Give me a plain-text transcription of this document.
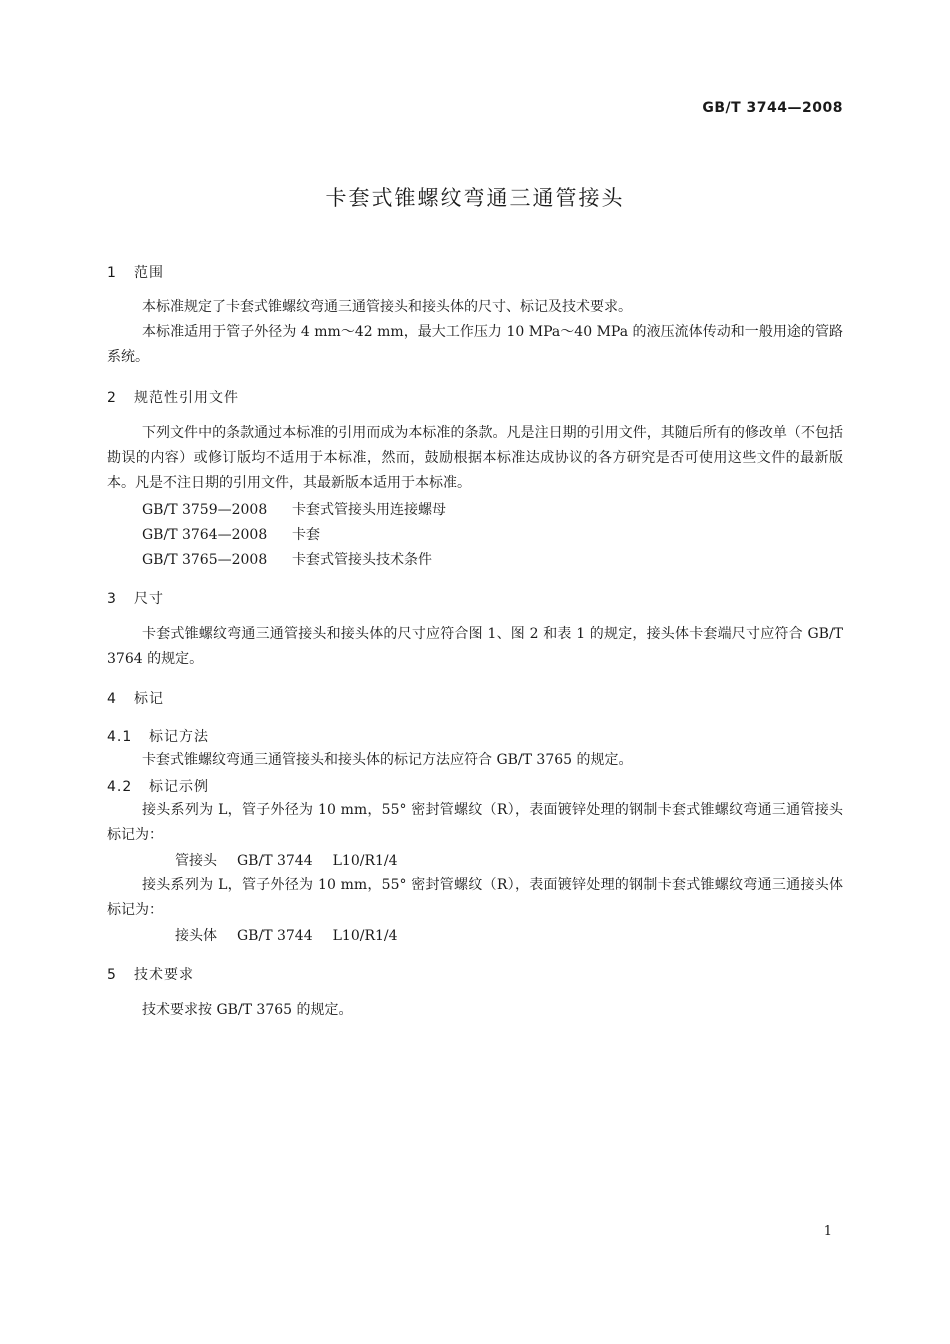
GB/T 3744—2008
卡套式锥螺纹弯通三通管接头
1 范围
本标准规定了卡套式锥螺纹弯通三通管接头和接头体的尺寸、标记及技术要求。
本标准适用于管子外径为 4 mm～42 mm，最大工作压力 10 MPa～40 MPa 的液压流体传动和一般用途的管路系统。
2 规范性引用文件
下列文件中的条款通过本标准的引用而成为本标准的条款。凡是注日期的引用文件，其随后所有的修改单（不包括勘误的内容）或修订版均不适用于本标准，然而，鼓励根据本标准达成协议的各方研究是否可使用这些文件的最新版本。凡是不注日期的引用文件，其最新版本适用于本标准。
GB/T 3759—2008 卡套式管接头用连接螺母
GB/T 3764—2008 卡套
GB/T 3765—2008 卡套式管接头技术条件
3 尺寸
卡套式锥螺纹弯通三通管接头和接头体的尺寸应符合图 1、图 2 和表 1 的规定，接头体卡套端尺寸应符合 GB/T 3764 的规定。
4 标记
4.1 标记方法
卡套式锥螺纹弯通三通管接头和接头体的标记方法应符合 GB/T 3765 的规定。
4.2 标记示例
接头系列为 L，管子外径为 10 mm，55° 密封管螺纹（R），表面镀锌处理的钢制卡套式锥螺纹弯通三通管接头标记为：
管接头 GB/T 3744 L10/R1/4
接头系列为 L，管子外径为 10 mm，55° 密封管螺纹（R），表面镀锌处理的钢制卡套式锥螺纹弯通三通接头体标记为：
接头体 GB/T 3744 L10/R1/4
5 技术要求
技术要求按 GB/T 3765 的规定。
1
